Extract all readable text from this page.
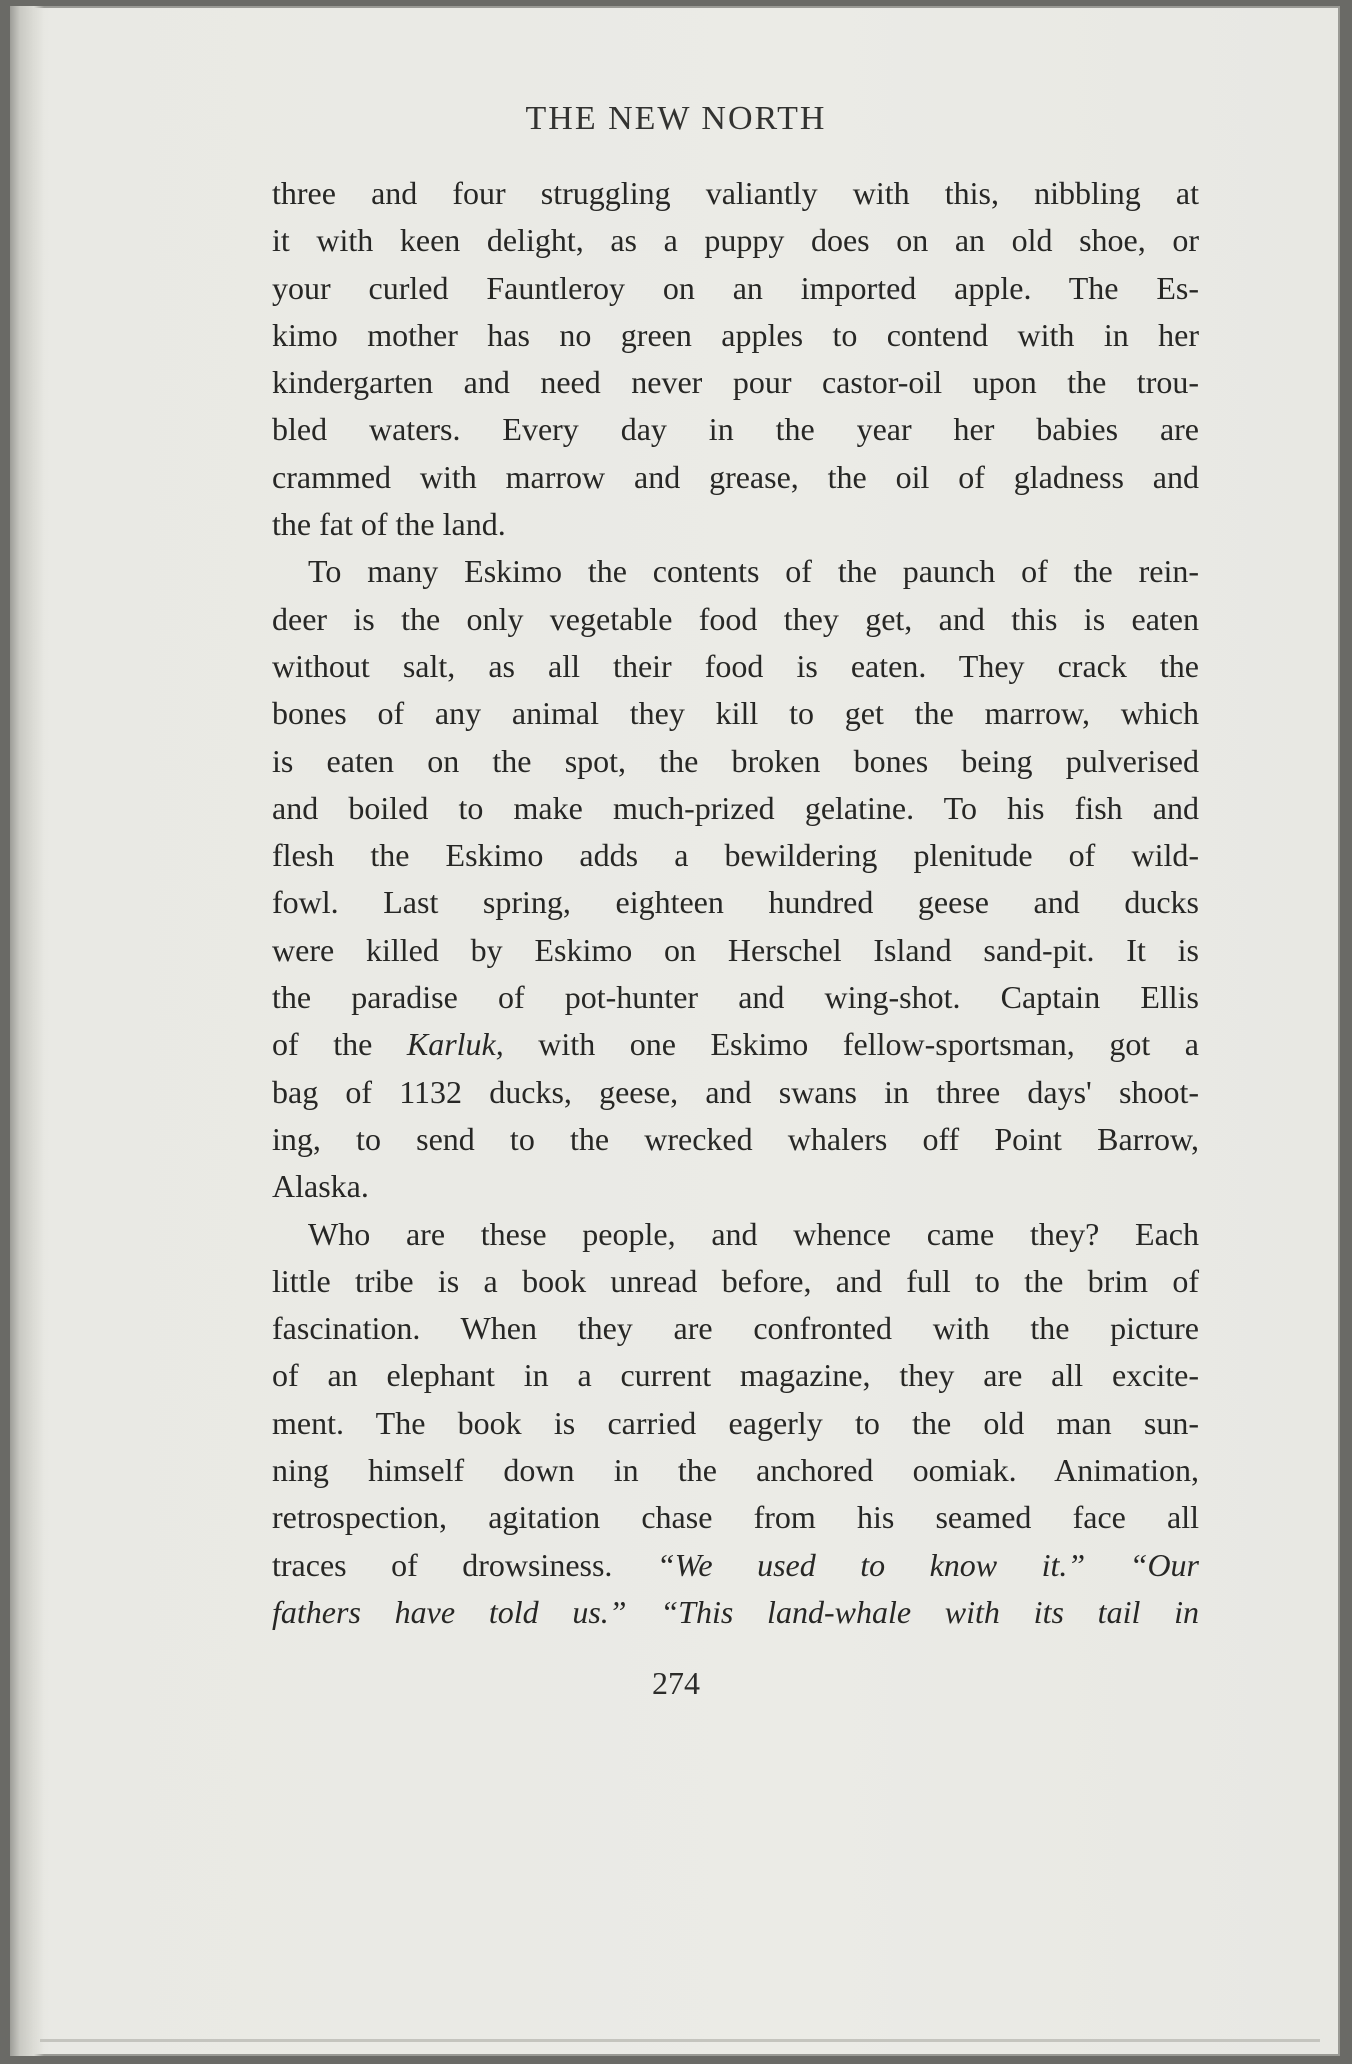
THE NEW NORTH

three and four struggling valiantly with this, nibbling at

it with keen delight, as a puppy does on an old shoe, or

your curled Fauntleroy on an imported apple. The Es-

kimo mother has no green apples to contend with in her

kindergarten and need never pour castor-oil upon the trou-

bled waters. Every day in the year her babies are

crammed with marrow and grease, the oil of gladness and

the fat of the land.

To many Eskimo the contents of the paunch of the rein-

deer is the only vegetable food they get, and this is eaten

without salt, as all their food is eaten. They crack the

bones of any animal they kill to get the marrow, which

is eaten on the spot, the broken bones being pulverised

and boiled to make much-prized gelatine. To his fish and

flesh the Eskimo adds a bewildering plenitude of wild-

fowl. Last spring, eighteen hundred geese and ducks

were killed by Eskimo on Herschel Island sand-pit. It is

the paradise of pot-hunter and wing-shot. Captain Ellis

of the Karluk, with one Eskimo fellow-sportsman, got a

bag of 1132 ducks, geese, and swans in three days' shoot-

ing, to send to the wrecked whalers off Point Barrow,

Alaska.

Who are these people, and whence came they? Each

little tribe is a book unread before, and full to the brim of

fascination. When they are confronted with the picture

of an elephant in a current magazine, they are all excite-

ment. The book is carried eagerly to the old man sun-

ning himself down in the anchored oomiak. Animation,

retrospection, agitation chase from his seamed face all

traces of drowsiness. “We used to know it.” “Our

fathers have told us.” “This land-whale with its tail in

274
